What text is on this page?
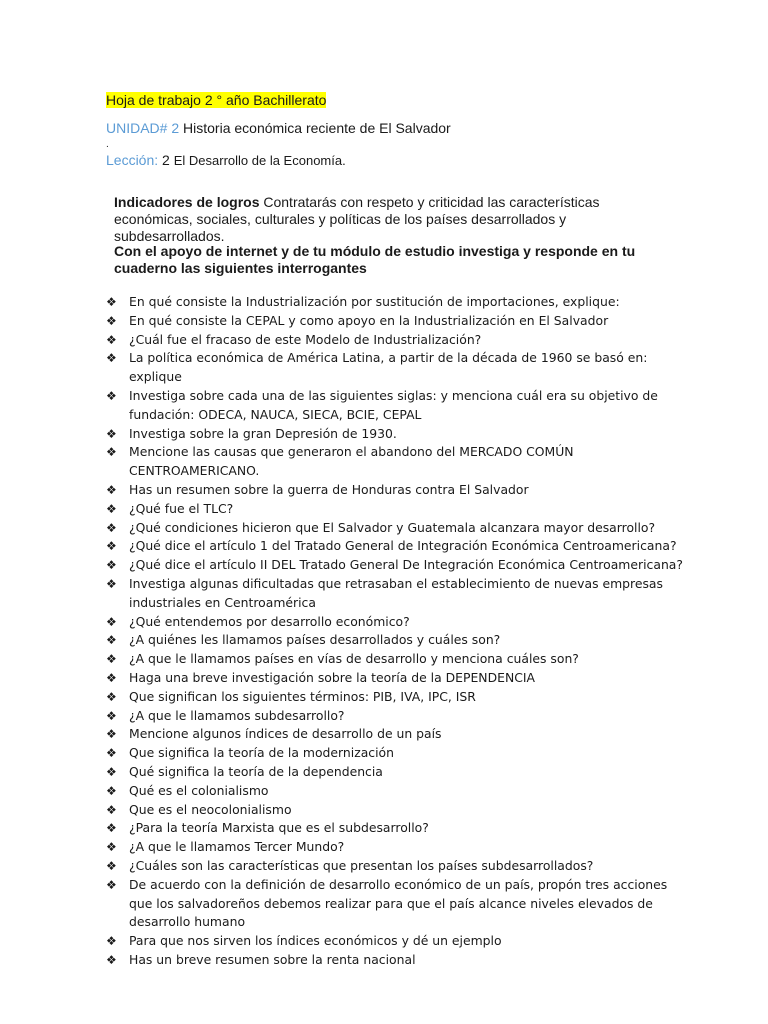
Hoja de trabajo 2 ° año Bachillerato
UNIDAD# 2 Historia económica reciente de El Salvador
.
Lección: 2 El Desarrollo de la Economía.
Indicadores de logros Contratarás con respeto y criticidad las características económicas, sociales, culturales y políticas de los países desarrollados y subdesarrollados.
Con el apoyo de internet y de tu módulo de estudio investiga y responde en tu cuaderno las siguientes interrogantes
❖ En qué consiste la Industrialización por sustitución de importaciones, explique:
❖ En qué consiste la CEPAL y como apoyo en la Industrialización en El Salvador
❖ ¿Cuál fue el fracaso de este Modelo de Industrialización?
❖ La política económica de América Latina, a partir de la década de 1960 se basó en: explique
❖ Investiga sobre cada una de las siguientes siglas: y menciona cuál era su objetivo de fundación: ODECA, NAUCA, SIECA, BCIE, CEPAL
❖ Investiga sobre la gran Depresión de 1930.
❖ Mencione las causas que generaron el abandono del MERCADO COMÚN CENTROAMERICANO.
❖ Has un resumen sobre la guerra de Honduras contra El Salvador
❖ ¿Qué fue el TLC?
❖ ¿Qué condiciones hicieron que El Salvador y Guatemala alcanzara mayor desarrollo?
❖ ¿Qué dice el artículo 1 del Tratado General de Integración Económica Centroamericana?
❖ ¿Qué dice el artículo II DEL Tratado General De Integración Económica Centroamericana?
❖ Investiga algunas dificultadas que retrasaban el establecimiento de nuevas empresas industriales en Centroamérica
❖ ¿Qué entendemos por desarrollo económico?
❖ ¿A quiénes les llamamos países desarrollados y cuáles son?
❖ ¿A que le llamamos países en vías de desarrollo y menciona cuáles son?
❖ Haga una breve investigación sobre la teoría de la DEPENDENCIA
❖ Que significan los siguientes términos: PIB, IVA, IPC, ISR
❖ ¿A que le llamamos subdesarrollo?
❖ Mencione algunos índices de desarrollo de un país
❖ Que significa la teoría de la modernización
❖ Qué significa la teoría de la dependencia
❖ Qué es el colonialismo
❖ Que es el neocolonialismo
❖ ¿Para la teoría Marxista que es el subdesarrollo?
❖ ¿A que le llamamos Tercer Mundo?
❖ ¿Cuáles son las características que presentan los países subdesarrollados?
❖ De acuerdo con la definición de desarrollo económico de un país, propón tres acciones que los salvadoreños debemos realizar para que el país alcance niveles elevados de desarrollo humano
❖ Para que nos sirven los índices económicos y dé un ejemplo
❖ Has un breve resumen sobre la renta nacional
